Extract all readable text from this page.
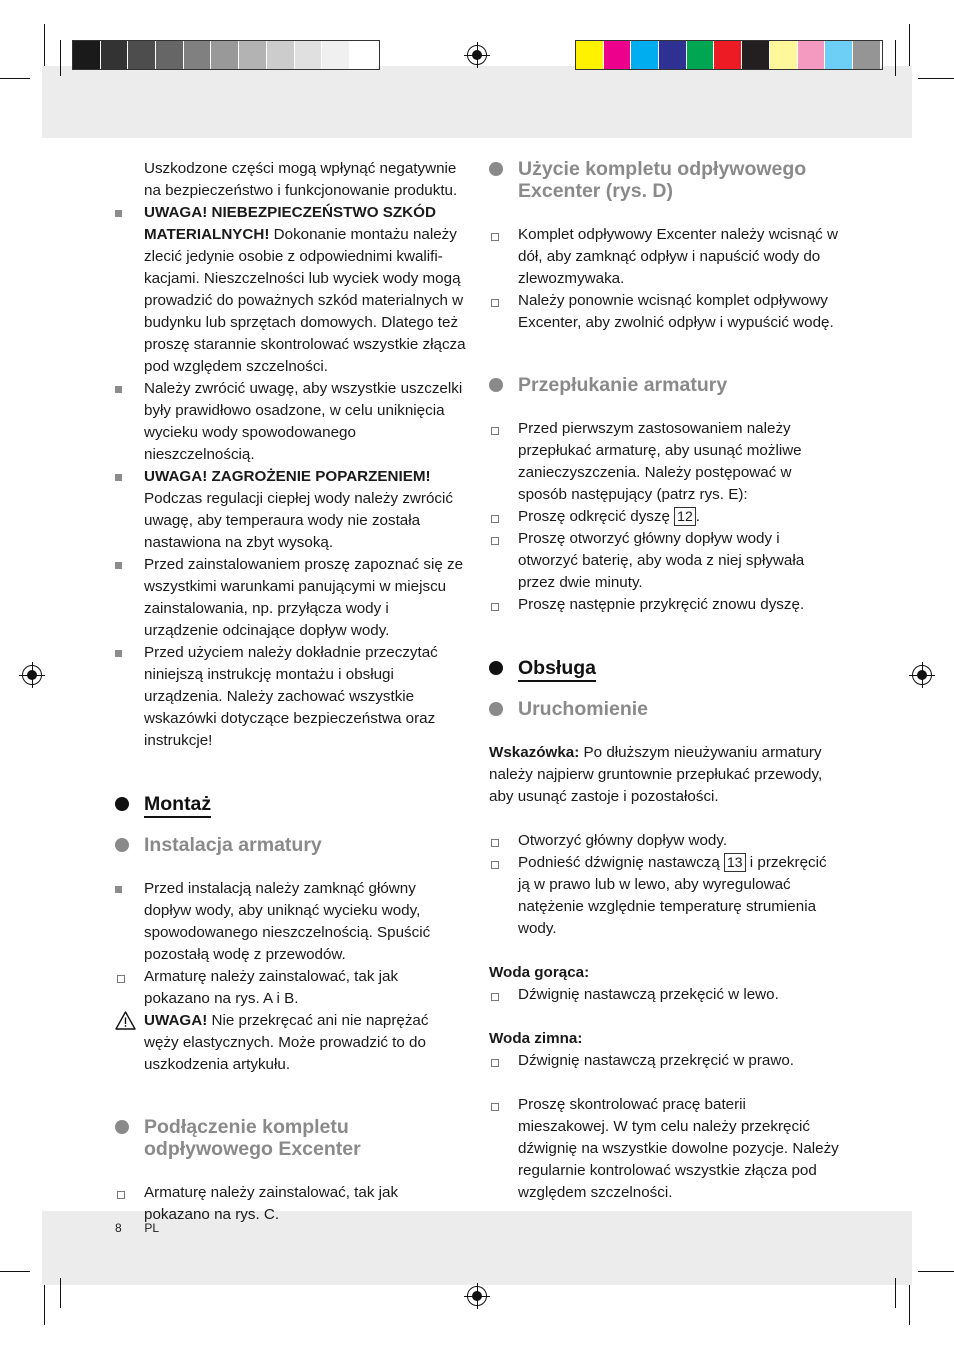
Uszkodzone części mogą wpłynąć negatywnie na bezpieczeństwo i funkcjonowanie produktu.

UWAGA! NIEBEZPIECZEŃSTWO SZKÓD MATERIALNYCH! Dokonanie montażu należy zlecić jedynie osobie z odpowiednimi kwalifikacjami. Nieszczelności lub wyciek wody mogą prowadzić do poważnych szkód materialnych w budynku lub sprzętach domowych. Dlatego też proszę starannie skontrolować wszystkie złącza pod względem szczelności.

Należy zwrócić uwagę, aby wszystkie uszczelki były prawidłowo osadzone, w celu uniknięcia wycieku wody spowodowanego nieszczelnością.

UWAGA! ZAGROŻENIE POPARZENIEM! Podczas regulacji ciepłej wody należy zwrócić uwagę, aby temperaura wody nie została nastawiona na zbyt wysoką.

Przed zainstalowaniem proszę zapoznać się ze wszystkimi warunkami panującymi w miejscu zainstalowania, np. przyłącza wody i urządzenie odcinające dopływ wody.

Przed użyciem należy dokładnie przeczytać niniejszą instrukcję montażu i obsługi urządzenia. Należy zachować wszystkie wskazówki dotyczące bezpieczeństwa oraz instrukcje!

Montaż
Instalacja armatury

Przed instalacją należy zamknąć główny dopływ wody, aby uniknąć wycieku wody, spowodowanego nieszczelnością. Spuścić pozostałą wodę z przewodów.

Armaturę należy zainstalować, tak jak pokazano na rys. A i B.

UWAGA! Nie przekręcać ani nie naprężać węży elastycznych. Może prowadzić to do uszkodzenia artykułu.

Podłączenie kompletu odpływowego Excenter

Armaturę należy zainstalować, tak jak pokazano na rys. C.

Użycie kompletu odpływowego Excenter (rys. D)

Komplet odpływowy Excenter należy wcisnąć w dół, aby zamknąć odpływ i napuścić wody do zlewozmywaka.

Należy ponownie wcisnąć komplet odpływowy Excenter, aby zwolnić odpływ i wypuścić wodę.

Przepłukanie armatury

Przed pierwszym zastosowaniem należy przepłukać armaturę, aby usunąć możliwe zanieczyszczenia. Należy postępować w sposób następujący (patrz rys. E):

Proszę odkręcić dyszę 12 .

Proszę otworzyć główny dopływ wody i otworzyć baterię, aby woda z niej spływała przez dwie minuty.

Proszę następnie przykręcić znowu dyszę.

Obsługa
Uruchomienie

Wskazówka: Po dłuższym nieużywaniu armatury należy najpierw gruntownie przepłukać przewody, aby usunąć zastoje i pozostałości.

Otworzyć główny dopływ wody.

Podnieść dźwignię nastawczą 13 i przekręcić ją w prawo lub w lewo, aby wyregulować natężenie względnie temperaturę strumienia wody.

Woda gorąca:

Dźwignię nastawczą przekęcić w lewo.

Woda zimna:

Dźwignię nastawczą przekręcić w prawo.

Proszę skontrolować pracę baterii mieszakowej. W tym celu należy przekręcić dźwignię na wszystkie dowolne pozycje. Należy regularnie kontrolować wszystkie złącza pod względem szczelności.

8 PL
